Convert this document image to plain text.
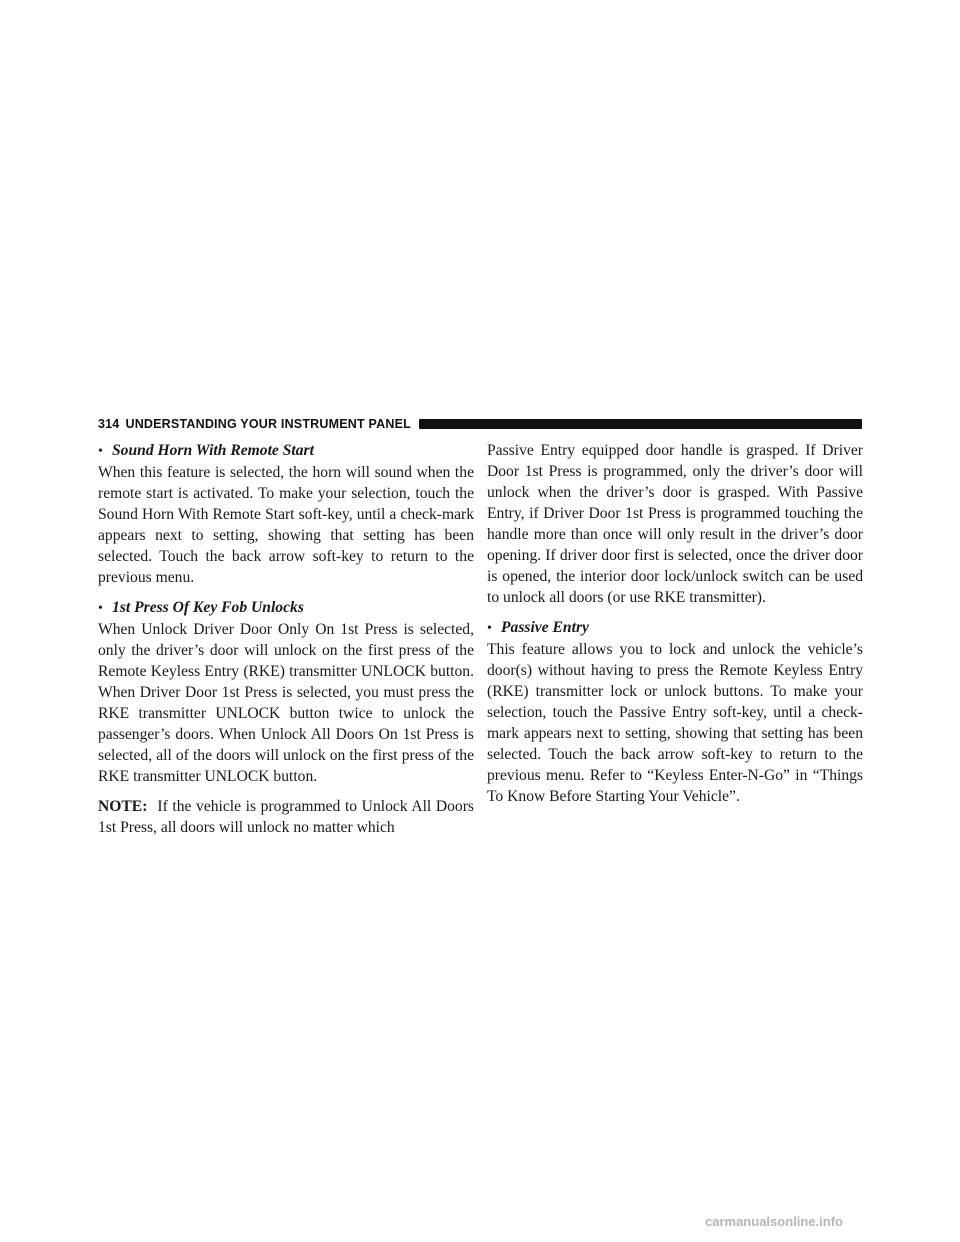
314 UNDERSTANDING YOUR INSTRUMENT PANEL
• Sound Horn With Remote Start

When this feature is selected, the horn will sound when the remote start is activated. To make your selection, touch the Sound Horn With Remote Start soft-key, until a check-mark appears next to setting, showing that setting has been selected. Touch the back arrow soft-key to return to the previous menu.

• 1st Press Of Key Fob Unlocks

When Unlock Driver Door Only On 1st Press is selected, only the driver’s door will unlock on the first press of the Remote Keyless Entry (RKE) transmitter UNLOCK button. When Driver Door 1st Press is selected, you must press the RKE transmitter UNLOCK button twice to unlock the passenger’s doors. When Unlock All Doors On 1st Press is selected, all of the doors will unlock on the first press of the RKE transmitter UNLOCK button.

NOTE: If the vehicle is programmed to Unlock All Doors 1st Press, all doors will unlock no matter which

Passive Entry equipped door handle is grasped. If Driver Door 1st Press is programmed, only the driver’s door will unlock when the driver’s door is grasped. With Passive Entry, if Driver Door 1st Press is programmed touching the handle more than once will only result in the driver’s door opening. If driver door first is selected, once the driver door is opened, the interior door lock/unlock switch can be used to unlock all doors (or use RKE transmitter).

• Passive Entry

This feature allows you to lock and unlock the vehicle’s door(s) without having to press the Remote Keyless Entry (RKE) transmitter lock or unlock buttons. To make your selection, touch the Passive Entry soft-key, until a check-mark appears next to setting, showing that setting has been selected. Touch the back arrow soft-key to return to the previous menu. Refer to “Keyless Enter-N-Go” in “Things To Know Before Starting Your Vehicle”.

carmanualsonline.info
